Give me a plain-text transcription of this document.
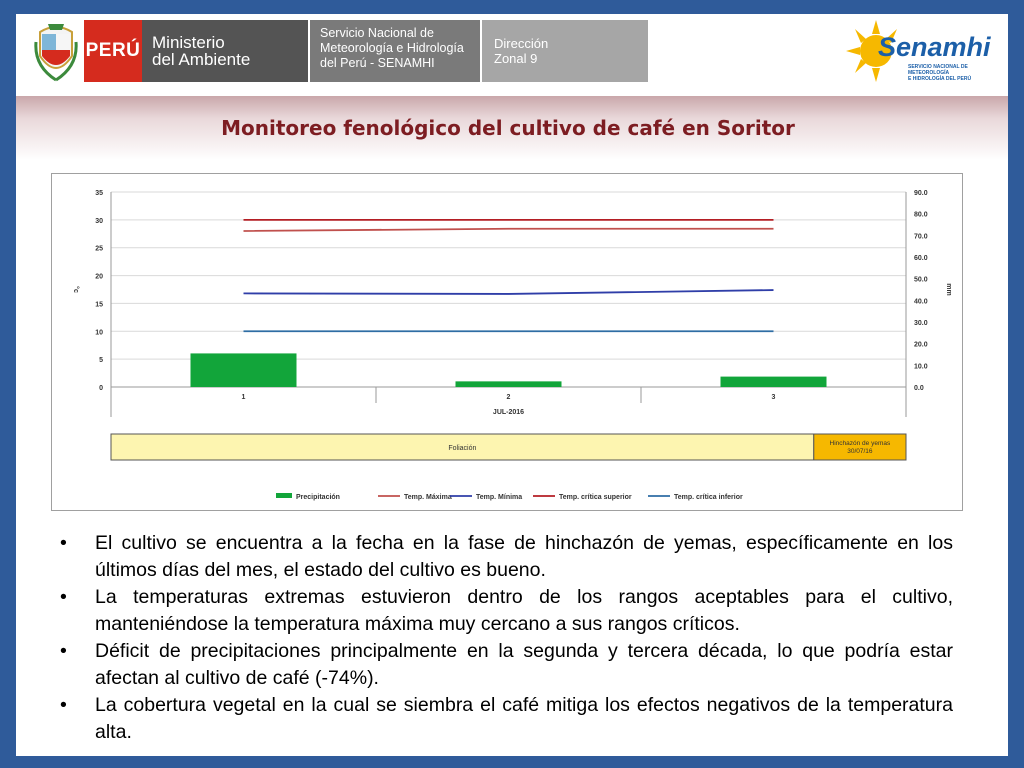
PERÚ Ministerio
del Ambiente
Servicio Nacional de
Meteorología e Hidrología
del Perú - SENAMHI
Dirección
Zonal 9	Senamhi
SERVICIO NACIONAL DE METEOROLOGÍA
E HIDROLOGÍA DEL PERÚ
Monitoreo fenológico del cultivo de café en Soritor
0
5
10
15
20
25
30
35
0.0
10.0
20.0
30.0
40.0
50.0
60.0
70.0
80.0
90.0
°c	mm
1	2	3
JUL-2016
Foliación
Hinchazón de yemas
30/07/16
Precipitación	Temp. Máxima	Temp. Mínima	Temp. crítica superior	Temp. crítica inferior
• El cultivo se encuentra a la fecha en la fase de hinchazón de yemas, específicamente en los últimos días del mes, el estado del cultivo es bueno.
• La temperaturas extremas estuvieron dentro de los rangos aceptables para el cultivo, manteniéndose la temperatura máxima muy cercano a sus rangos críticos.
• Déficit de precipitaciones principalmente en la segunda y tercera década, lo que podría estar afectan al cultivo de café (-74%).
• La cobertura vegetal en la cual se siembra el café mitiga los efectos negativos de la temperatura alta.
